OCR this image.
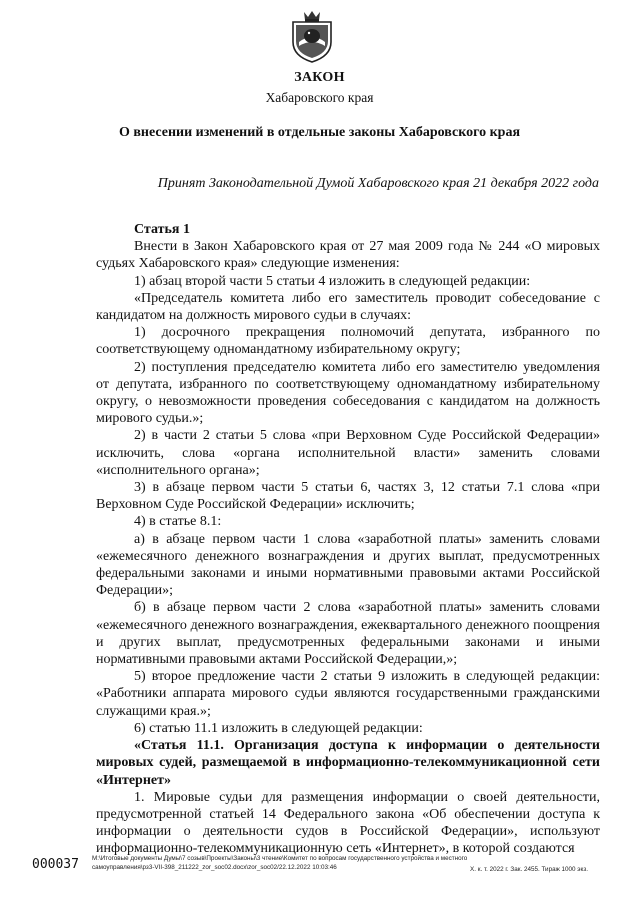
ЗАКОН
Хабаровского края
О внесении изменений в отдельные законы Хабаровского края
Принят Законодательной Думой Хабаровского края 21 декабря 2022 года

Статья 1

Внести в Закон Хабаровского края от 27 мая 2009 года № 244 «О мировых судьях Хабаровского края» следующие изменения:

1) абзац второй части 5 статьи 4 изложить в следующей редакции:

«Председатель комитета либо его заместитель проводит собеседование с кандидатом на должность мирового судьи в случаях:

1) досрочного прекращения полномочий депутата, избранного по соответствующему одномандатному избирательному округу;

2) поступления председателю комитета либо его заместителю уведомления от депутата, избранного по соответствующему одномандатному избирательному округу, о невозможности проведения собеседования с кандидатом на должность мирового судьи.»;

2) в части 2 статьи 5 слова «при Верховном Суде Российской Федерации» исключить, слова «органа исполнительной власти» заменить словами «исполнительного органа»;

3) в абзаце первом части 5 статьи 6, частях 3, 12 статьи 7.1 слова «при Верховном Суде Российской Федерации» исключить;

4) в статье 8.1:

а) в абзаце первом части 1 слова «заработной платы» заменить словами «ежемесячного денежного вознаграждения и других выплат, предусмотренных федеральными законами и иными нормативными правовыми актами Российской Федерации»;

б) в абзаце первом части 2 слова «заработной платы» заменить словами «ежемесячного денежного вознаграждения, ежеквартального денежного поощрения и других выплат, предусмотренных федеральными законами и иными нормативными правовыми актами Российской Федерации,»;

5) второе предложение части 2 статьи 9 изложить в следующей редакции: «Работники аппарата мирового судьи являются государственными гражданскими служащими края.»;

6) статью 11.1 изложить в следующей редакции:

«Статья 11.1. Организация доступа к информации о деятельности мировых судей, размещаемой в информационно-телекоммуникационной сети «Интернет»

1. Мировые судьи для размещения информации о своей деятельности, предусмотренной статьей 14 Федерального закона «Об обеспечении доступа к информации о деятельности судов в Российской Федерации», используют информационно-телекоммуникационную сеть «Интернет», в которой создаются

000037 М:\Итоговые документы Думы\7 созыв\Проекты\Законы\3 чтение\Комитет по вопросам государственного устройства и местного самоуправления\рз3-VII-398_211222_zor_soc02.docx\zor_soc02/22.12.2022 10:03:46	Х. к. т. 2022 г. Зак. 2455. Тираж 1000 экз.
